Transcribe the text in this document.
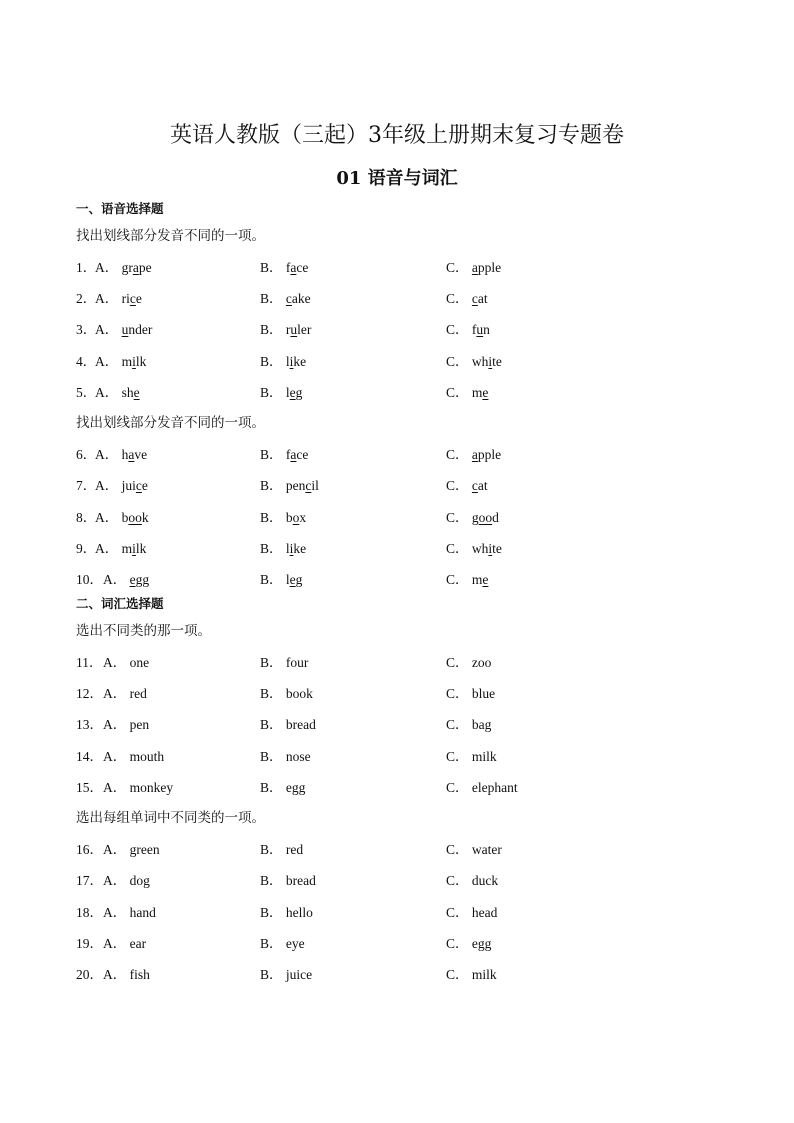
英语人教版（三起）3年级上册期末复习专题卷
01 语音与词汇
一、语音选择题
找出划线部分发音不同的一项。
找出划线部分发音不同的一项。
二、词汇选择题
选出不同类的那一项。
选出每组单词中不同类的一项。
1．
A． grape	B． face	C． apple
2．
A． rice	B． cake	C． cat
3．
A． under	B． ruler	C． fun
4．
A． milk	B． like	C． white
5．
A． she	B． leg	C． me
6．
A． have	B． face	C． apple
7．
A． juice	B． pencil	C． cat
8．
A． book	B． box	C． good
9．
A． milk	B． like	C． white
10． A． egg	B． leg	C． me
11． A． one	B． four	C． zoo
12． A． red	B． book	C． blue
13． A． pen	B． bread	C． bag
14． A． mouth	B． nose	C． milk
15． A． monkey	B． egg	C． elephant
16． A． green	B． red	C． water
17． A． dog	B． bread	C． duck
18． A． hand	B． hello	C． head
19． A． ear	B． eye	C． egg
20． A． fish	B． juice	C． milk
